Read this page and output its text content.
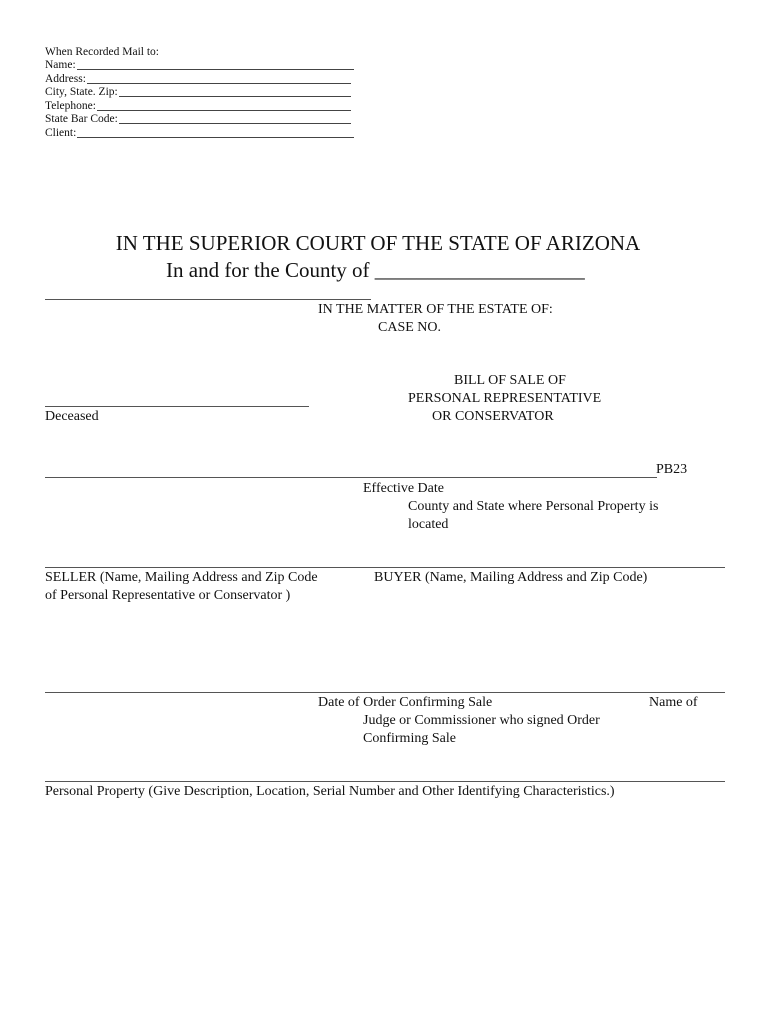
When Recorded Mail to:
Name:
Address:
City, State. Zip:
Telephone:
State Bar Code:
Client:
IN THE SUPERIOR COURT OF THE STATE OF ARIZONA
In and for the County of ____________________
IN THE MATTER OF THE ESTATE OF:
CASE NO.
BILL OF SALE OF
PERSONAL REPRESENTATIVE
OR CONSERVATOR
Deceased
PB23
Effective Date
County and State where Personal Property is
located
SELLER (Name, Mailing Address and Zip Code
of Personal Representative or Conservator )
BUYER (Name, Mailing Address and Zip Code)
Date of Order Confirming Sale	Name of
Judge or Commissioner who signed Order
Confirming Sale
Personal Property (Give Description, Location, Serial Number and Other Identifying Characteristics.)
